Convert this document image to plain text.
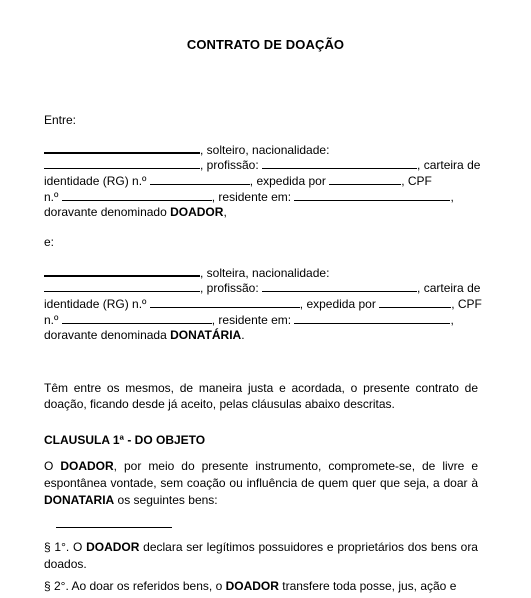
CONTRATO DE DOAÇÃO
Entre:
, solteiro, nacionalidade:
, profissão:	, carteira de
identidade (RG) n.º	, expedida por	, CPF
n.º	, residente em:	,
doravante denominado DOADOR,
e:
, solteira, nacionalidade:
, profissão:	, carteira de
identidade (RG) n.º	, expedida por	, CPF
n.º	, residente em:	,
doravante denominada DONATÁRIA.
Têm entre os mesmos, de maneira justa e acordada, o presente contrato de doação, ficando desde já aceito, pelas cláusulas abaixo descritas.
CLAUSULA 1ª - DO OBJETO
O DOADOR, por meio do presente instrumento, compromete-se, de livre e espontânea vontade, sem coação ou influência de quem quer que seja, a doar à DONATARIA os seguintes bens:
§ 1°. O DOADOR declara ser legítimos possuidores e proprietários dos bens ora doados.
§ 2°. Ao doar os referidos bens, o DOADOR transfere toda posse, jus, ação e
